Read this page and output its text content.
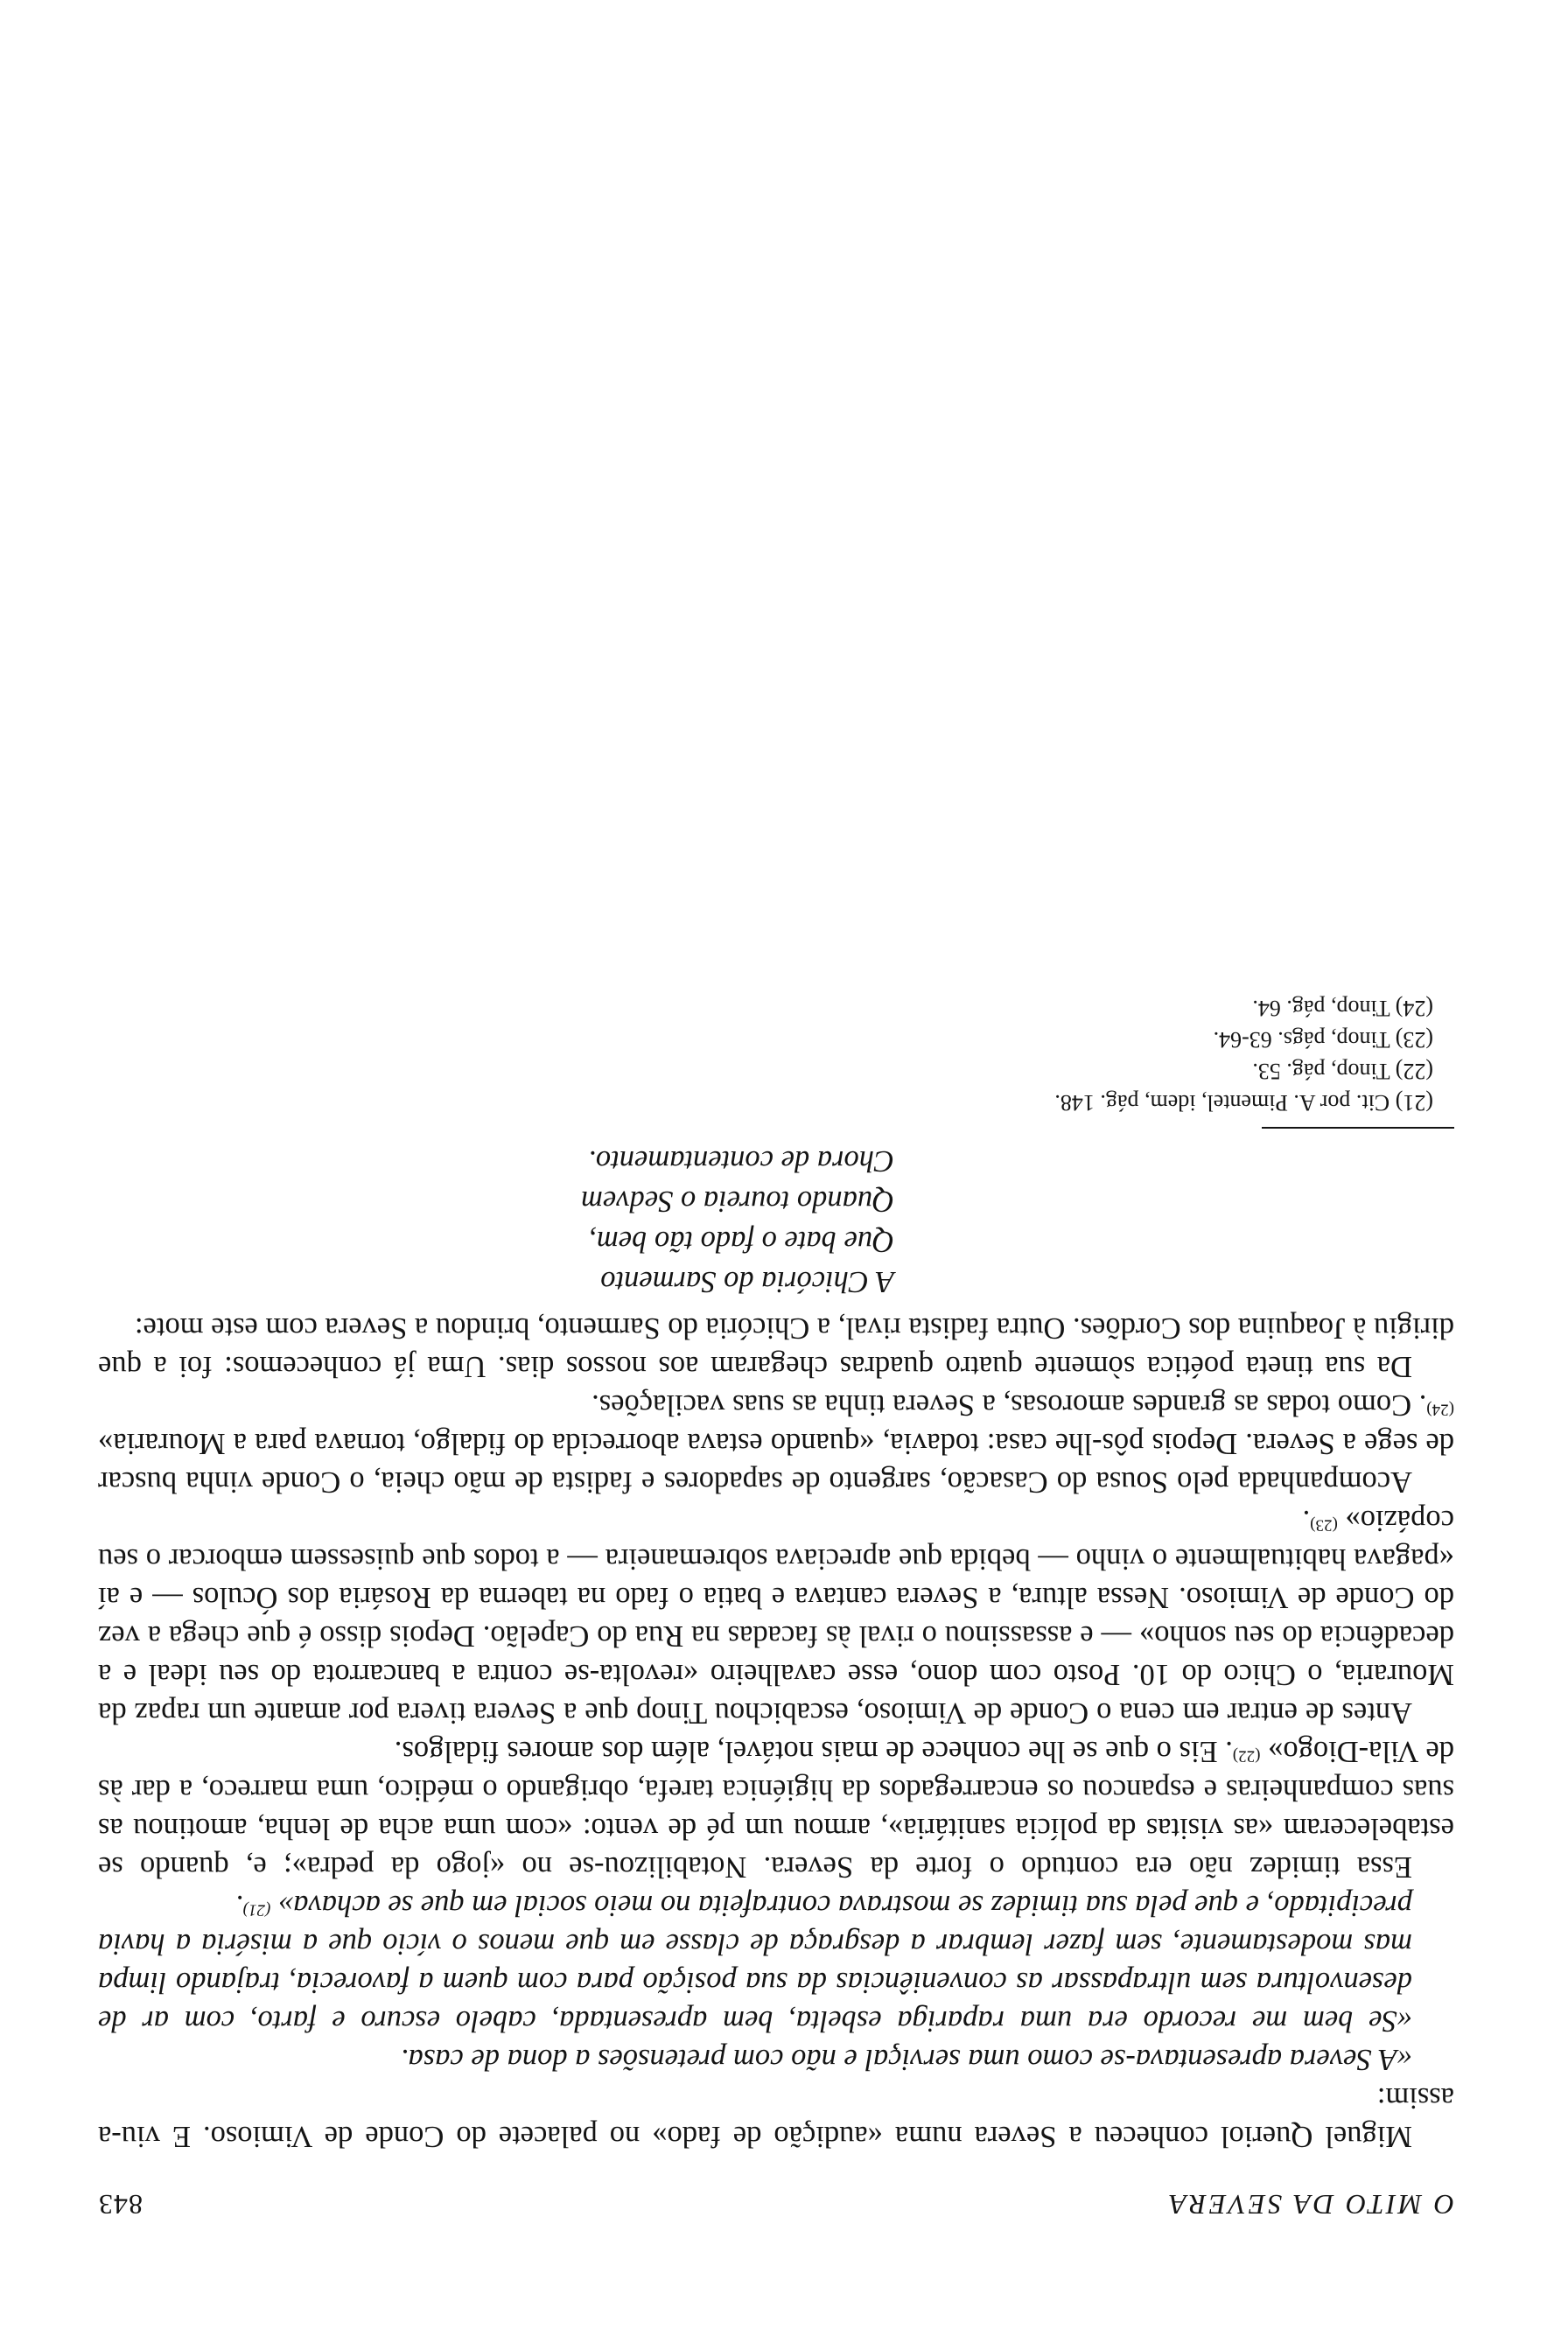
O MITO DA SEVERA
843

Miguel Queriol conheceu a Severa numa «audição de fado» no palacete do Conde de Vimioso. E viu-a assim:

«A Severa apresentava-se como uma serviçal e não com pretensões a dona de casa.

«Se bem me recordo era uma rapariga esbelta, bem apresentada, cabelo escuro e farto, com ar de desenvoltura sem ultrapassar as conveniências da sua posição para com quem a favorecia, trajando limpa mas modestamente, sem fazer lembrar a desgraça de classe em que menos o vício que a miséria a havia precipitado, e que pela sua timidez se mostrava contrafeita no meio social em que se achava» $^{(21)}$.

Essa timidez não era contudo o forte da Severa. Notabilizou-se no «jogo da pedra»; e, quando se estabeleceram «as visitas da polícia sanitária», armou um pé de vento: «com uma acha de lenha, amotinou as suas companheiras e espancou os encarregados da higiénica tarefa, obrigando o médico, uma marreco, a dar às de Vila-Diogo» $^{(22)}$. Eis o que se lhe conhece de mais notável, além dos amores fidalgos.

Antes de entrar em cena o Conde de Vimioso, escabichou Tinop que a Severa tivera por amante um rapaz da Mouraria, o Chico do 10. Posto com dono, esse cavalheiro «revolta-se contra a bancarrota do seu ideal e a decadência do seu sonho» — e assassinou o rival às facadas na Rua do Capelão. Depois disso é que chega a vez do Conde de Vimioso. Nessa altura, a Severa cantava e batia o fado na taberna da Rosária dos Óculos — e aí «pagava habitualmente o vinho — bebida que apreciava sobremaneira — a todos que quisessem emborcar o seu copázio» $^{(23)}$.

Acompanhada pelo Sousa do Casacão, sargento de sapadores e fadista de mão cheia, o Conde vinha buscar de sege a Severa. Depois pôs-lhe casa: todavia, «quando estava aborrecida do fidalgo, tornava para a Mouraria» $^{(24)}$. Como todas as grandes amorosas, a Severa tinha as suas vacilações.

Da sua tineta poética sòmente quatro quadras chegaram aos nossos dias. Uma já conhecemos: foi a que dirigiu à Joaquina dos Cordões. Outra fadista rival, a Chicória do Sarmento, brindou a Severa com este mote:

A Chicória do Sarmento
Que bate o fado tão bem,
Quando toureia o Sedvem
Chora de contentamento.
(21) Cit. por A. Pimentel, idem, pág. 148.
(22) Tinop, pág. 53.
(23) Tinop, págs. 63-64.
(24) Tinop, pág. 64.
